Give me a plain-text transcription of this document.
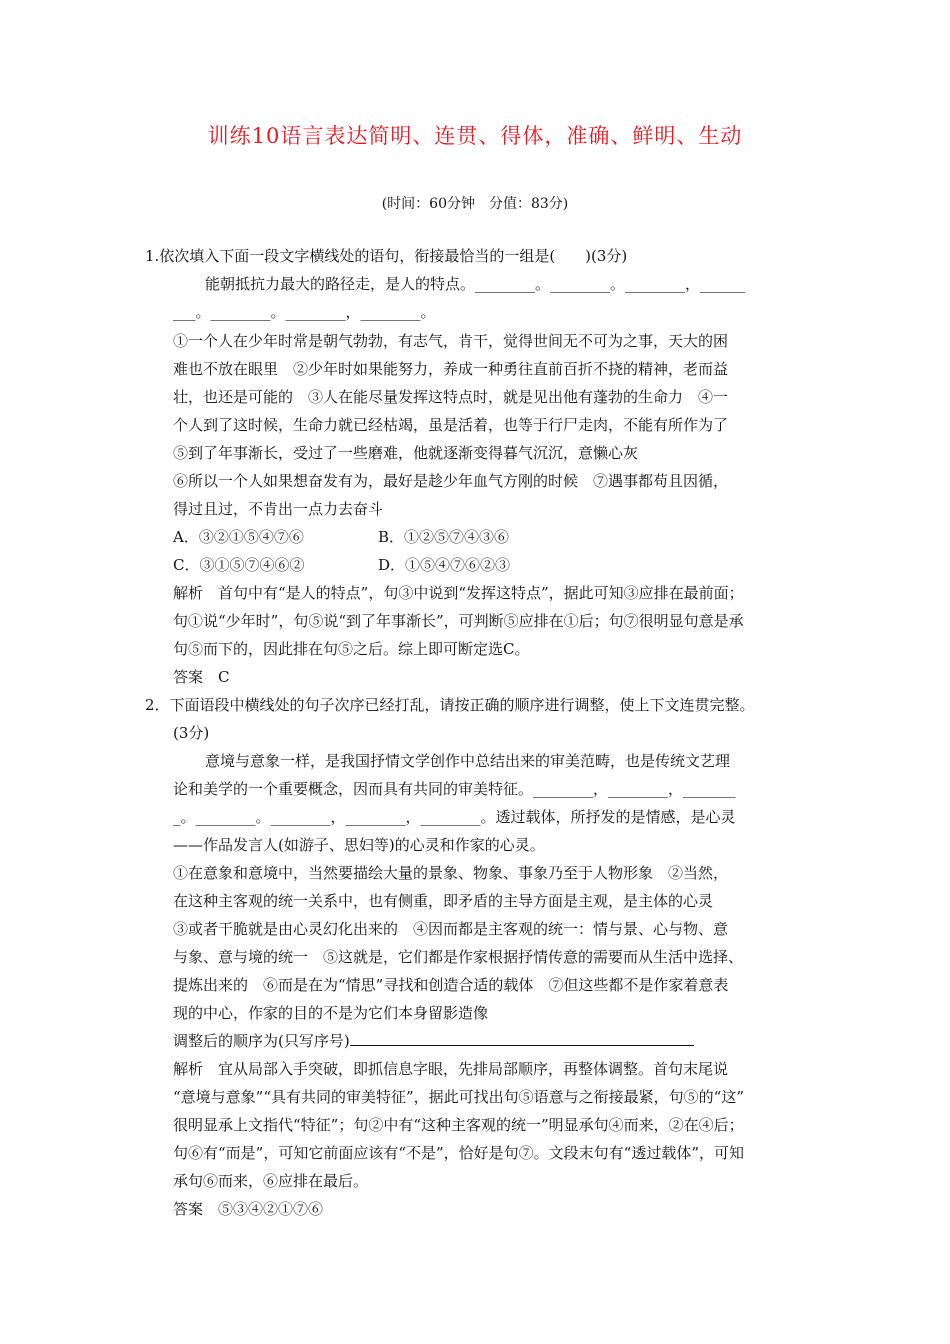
训练10语言表达简明、连贯、得体，准确、鲜明、生动
(时间：60分钟　分值：83分)
1.依次填入下面一段文字横线处的语句，衔接最恰当的一组是(　　)(3分)
能朝抵抗力最大的路径走，是人的特点。________。________。________，______
___。________。________，________。
①一个人在少年时常是朝气勃勃，有志气，肯干，觉得世间无不可为之事，天大的困
难也不放在眼里　②少年时如果能努力，养成一种勇往直前百折不挠的精神，老而益
壮，也还是可能的　③人在能尽量发挥这特点时，就是见出他有蓬勃的生命力　④一
个人到了这时候，生命力就已经枯竭，虽是活着，也等于行尸走肉，不能有所作为了
⑤到了年事渐长，受过了一些磨难，他就逐渐变得暮气沉沉，意懒心灰
⑥所以一个人如果想奋发有为，最好是趁少年血气方刚的时候　⑦遇事都苟且因循，
得过且过，不肯出一点力去奋斗
A．③②①⑤④⑦⑥	B．①②⑤⑦④③⑥
C．③①⑤⑦④⑥②	D．①⑤④⑦⑥②③
解析　首句中有“是人的特点”，句③中说到“发挥这特点”，据此可知③应排在最前面；
句①说“少年时”，句⑤说“到了年事渐长”，可判断⑤应排在①后；句⑦很明显句意是承
句⑤而下的，因此排在句⑤之后。综上即可断定选C。
答案　C
2．下面语段中横线处的句子次序已经打乱，请按正确的顺序进行调整，使上下文连贯完整。
(3分)
意境与意象一样，是我国抒情文学创作中总结出来的审美范畴，也是传统文艺理
论和美学的一个重要概念，因而具有共同的审美特征。________，________，_______
_。________。________，________，________。透过载体，所抒发的是情感，是心灵
——作品发言人(如游子、思妇等)的心灵和作家的心灵。
①在意象和意境中，当然要描绘大量的景象、物象、事象乃至于人物形象　②当然，
在这种主客观的统一关系中，也有侧重，即矛盾的主导方面是主观，是主体的心灵
③或者干脆就是由心灵幻化出来的　④因而都是主客观的统一：情与景、心与物、意
与象、意与境的统一　⑤这就是，它们都是作家根据抒情传意的需要而从生活中选择、
提炼出来的　⑥而是在为“情思”寻找和创造合适的载体　⑦但这些都不是作家着意表
现的中心，作家的目的不是为它们本身留影造像
调整后的顺序为(只写序号)
解析　宜从局部入手突破，即抓信息字眼，先排局部顺序，再整体调整。首句末尾说
“意境与意象”“具有共同的审美特征”，据此可找出句⑤语意与之衔接最紧，句⑤的“这”
很明显承上文指代“特征”；句②中有“这种主客观的统一”明显承句④而来，②在④后；
句⑥有“而是”，可知它前面应该有“不是”，恰好是句⑦。文段末句有“透过载体”，可知
承句⑥而来，⑥应排在最后。
答案　⑤③④②①⑦⑥
